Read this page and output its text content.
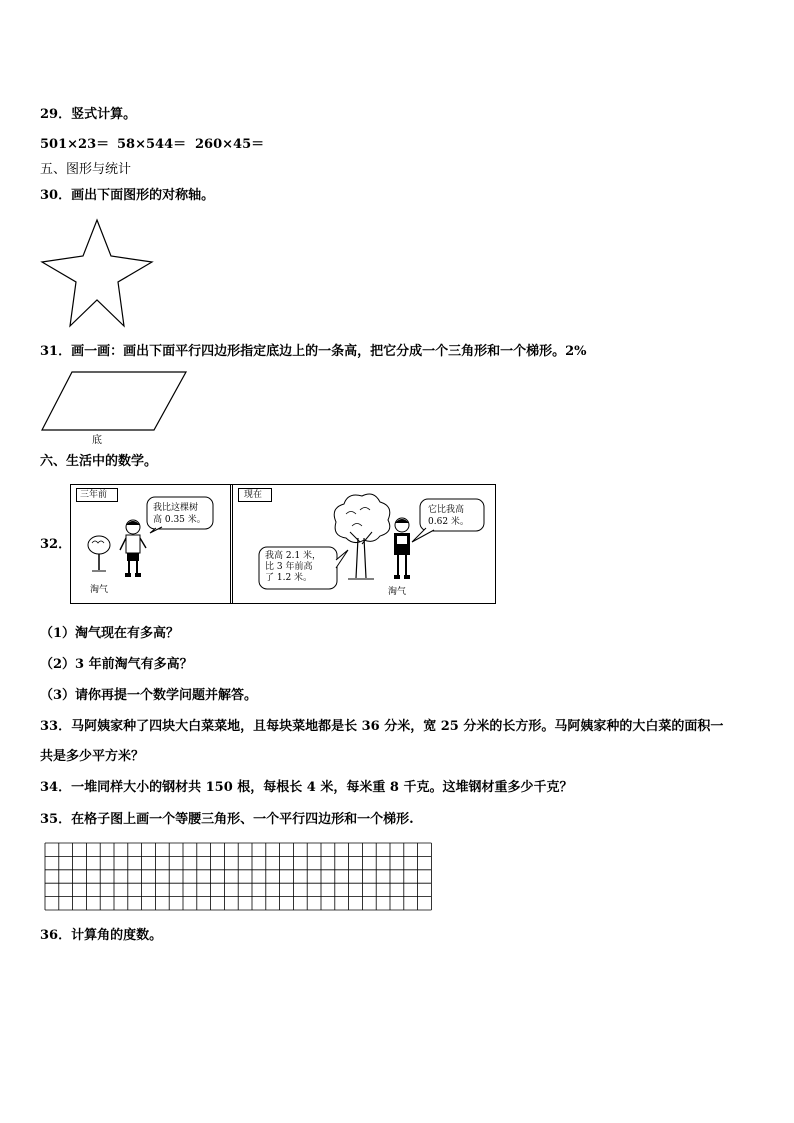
29．竖式计算。
501×23＝ 58×544＝ 260×45＝
五、图形与统计
30．画出下面图形的对称轴。
31．画一画：画出下面平行四边形指定底边上的一条高，把它分成一个三角形和一个梯形。2%
底
六、生活中的数学。
32．
三年前
我比这棵树
高 0.35 米。
淘气
现在
我高 2.1 米，
比 3 年前高
了 1.2 米。
它比我高
0.62 米。
淘气
（1）淘气现在有多高？
（2）3 年前淘气有多高？
（3）请你再提一个数学问题并解答。
33．马阿姨家种了四块大白菜菜地，且每块菜地都是长 36 分米，宽 25 分米的长方形。马阿姨家种的大白菜的面积一
共是多少平方米？
34．一堆同样大小的钢材共 150 根，每根长 4 米，每米重 8 千克。这堆钢材重多少千克？
35．在格子图上画一个等腰三角形、一个平行四边形和一个梯形.
36．计算角的度数。
